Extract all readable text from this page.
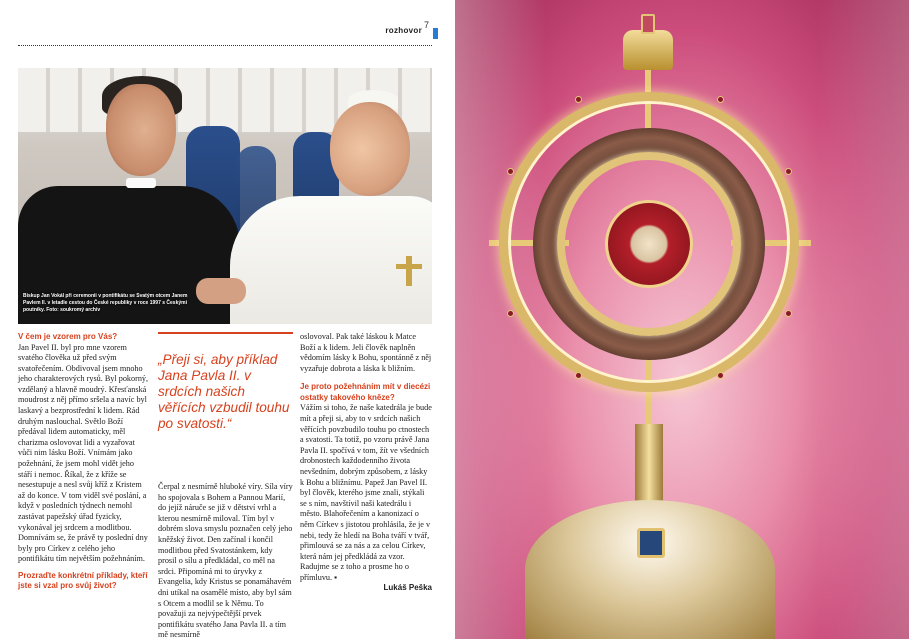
rozhovor
7
Biskup Jan Vokál při ceremonii v pontifikátu se Svatým otcem Janem Pavlem II. v letadle cestou do České republiky v roce 1997 s Českými poutníky. Foto: soukromý archiv

V čem je vzorem pro Vás?

Jan Pavel II. byl pro mne vzorem svatého člověka už před svým svatořečením. Obdivoval jsem mnoho jeho charakterových rysů. Byl pokorný, vzdělaný a hlavně moudrý. Křesťanská moudrost z něj přímo sršela a navíc byl laskavý a bezprostřední k lidem. Rád druhým naslouchal. Světlo Boží předával lidem automaticky, měl charizma oslovovat lidi a vyzařovat vůči nim lásku Boží. Vnímám jako požehnání, že jsem mohl vidět jeho stáří i nemoc. Říkal, že z kříže se nesestupuje a nesl svůj kříž z Kristem až do konce. V tom viděl své poslání, a když v posledních týdnech nemohl zastávat papežský úřad fyzicky, vykonával jej srdcem a modlitbou. Domnívám se, že právě ty poslední dny byly pro Církev z celého jeho pontifikátu tím největším požehnáním.

Prozraďte konkrétní příklady, kteří jste si vzal pro svůj život?

„Přeji si, aby příklad Jana Pavla II. v srdcích našich věřících vzbudil touhu po svatosti.“

Čerpal z nesmírně hluboké víry. Síla víry ho spojovala s Bohem a Pannou Marií, do jejíž náruče se již v dětství vrhl a kterou nesmírně miloval. Tím byl v dobrém slova smyslu poznačen celý jeho kněžský život. Den začínal i končil modlitbou před Svatostánkem, kdy prosil o sílu a předkládal, co měl na srdci. Připomíná mi to úryvky z Evangelia, kdy Kristus se ponamáhavém dni utíkal na osamělé místo, aby byl sám s Otcem a modlil se k Němu. To považuji za nejvýpečtější prvek pontifikátu svatého Jana Pavla II. a tím mě nesmírně

oslovoval. Pak také láskou k Matce Boží a k lidem. Jeli člověk naplněn vědomím lásky k Bohu, spontánně z něj vyzařuje dobrota a láska k bližním.

Je proto požehnáním mít v diecézi ostatky takového kněze?

Vážím si toho, že naše katedrála je bude mít a přeji si, aby to v srdcích našich věřících povzbudilo touhu po ctnostech a svatosti. Ta totiž, po vzoru právě Jana Pavla II. spočívá v tom, žít ve všedních drobnostech každodenního života nevšedním, dobrým způsobem, z lásky k Bohu a bližnímu. Papež Jan Pavel II. byl člověk, kterého jsme znali, stýkali se s ním, navštívil naši katedrálu i město. Blahořečením a kanonizací o něm Církev s jistotou prohlásila, že je v nebi, tedy že hledí na Boha tváří v tvář, přimlouvá se za nás a za celou Církev, která nám jej předkládá za vzor. Radujme se z toho a prosme ho o přímluvu. ▪

Lukáš Peška
